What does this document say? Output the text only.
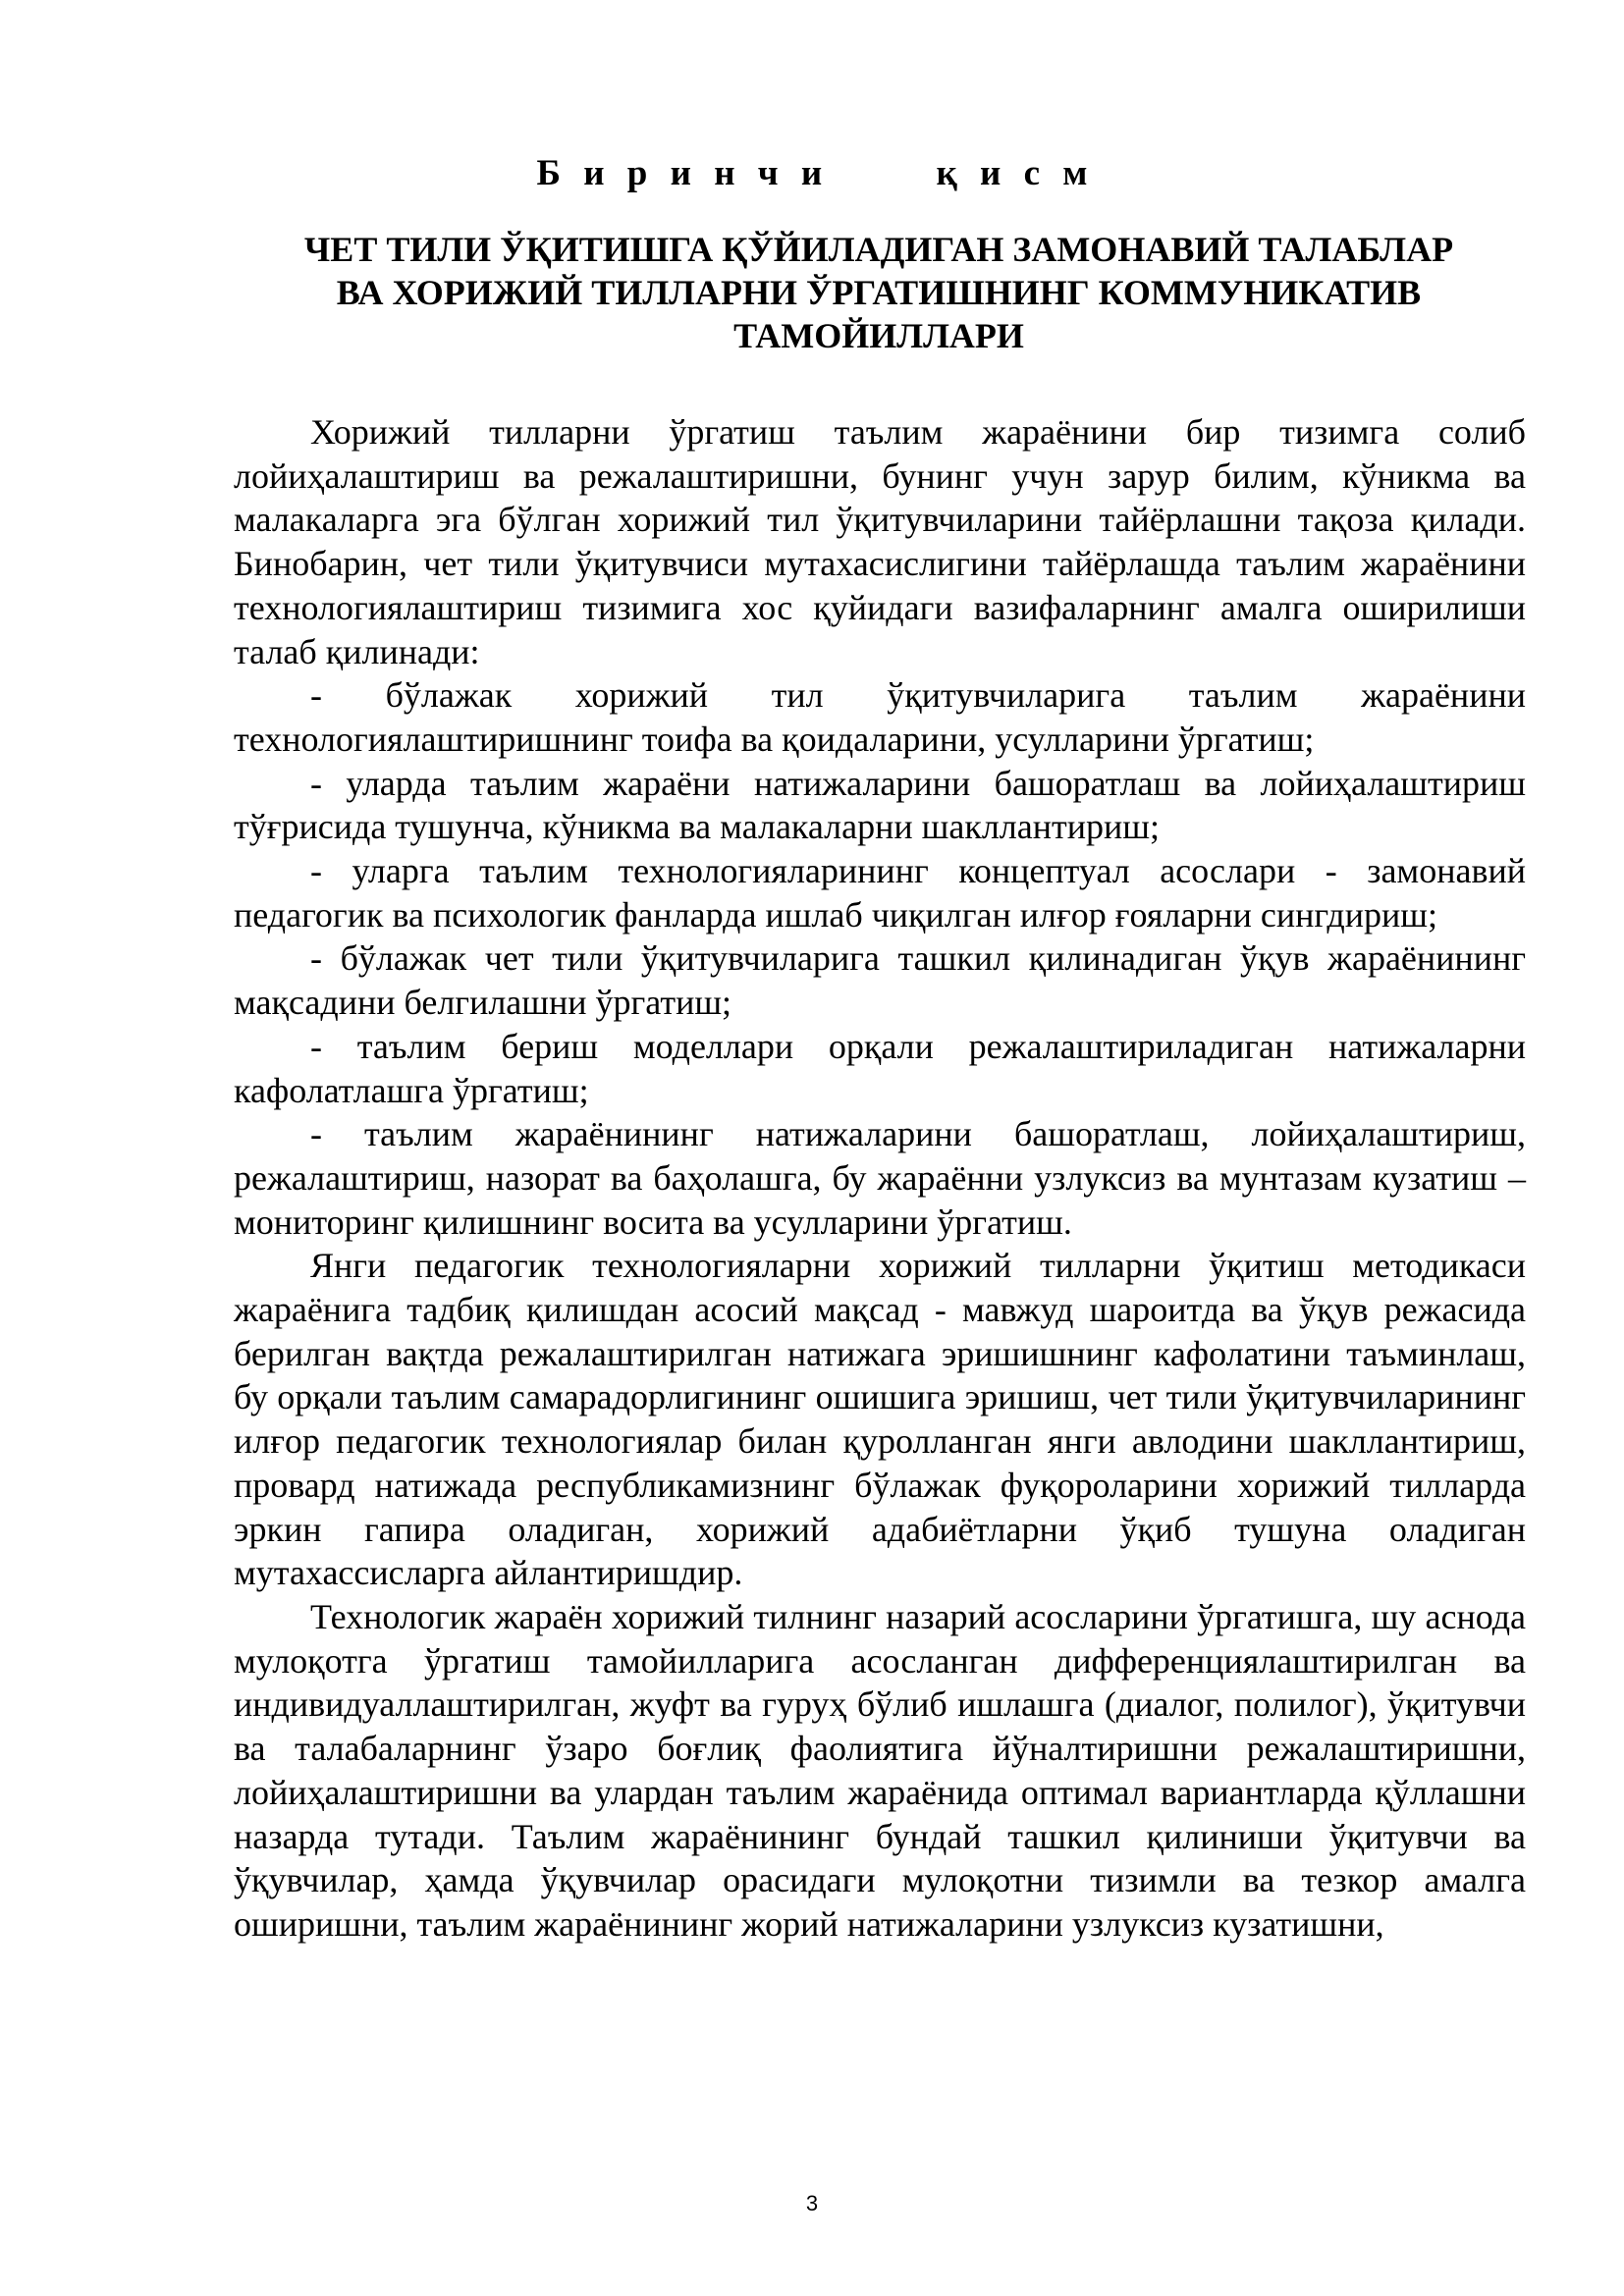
Б и р и н ч и     қ и с м
ЧЕТ ТИЛИ ЎҚИТИШГА ҚЎЙИЛАДИГАН ЗАМОНАВИЙ ТАЛАБЛАР
ВА ХОРИЖИЙ ТИЛЛАРНИ ЎРГАТИШНИНГ КОММУНИКАТИВ
ТАМОЙИЛЛАРИ

Хорижий тилларни ўргатиш таълим жараёнини бир тизимга солиб лойиҳалаштириш ва режалаштиришни, бунинг учун зарур билим, кўникма ва малакаларга эга бўлган хорижий тил ўқитувчиларини тайёрлашни тақоза қилади. Бинобарин, чет тили ўқитувчиси мутахасислигини тайёрлашда таълим жараёнини технологиялаштириш тизимига хос қуйидаги вазифаларнинг амалга оширилиши талаб қилинади:

- бўлажак хорижий тил ўқитувчиларига таълим жараёнини технологиялаштиришнинг тоифа ва қоидаларини, усулларини ўргатиш;

- уларда таълим жараёни натижаларини башоратлаш ва лойиҳалаштириш тўғрисида тушунча, кўникма ва малакаларни шакллантириш;

- уларга таълим технологияларининг концептуал асослари - замонавий педагогик ва психологик фанларда ишлаб чиқилган илғор ғояларни сингдириш;

- бўлажак чет тили ўқитувчиларига ташкил қилинадиган ўқув жараёнининг мақсадини белгилашни ўргатиш;

- таълим бериш моделлари орқали режалаштириладиган натижаларни кафолатлашга ўргатиш;

- таълим жараёнининг натижаларини башоратлаш, лойиҳалаштириш, режалаштириш, назорат ва баҳолашга, бу жараённи узлуксиз ва мунтазам кузатиш – мониторинг қилишнинг восита ва усулларини ўргатиш.

Янги педагогик технологияларни хорижий тилларни ўқитиш методикаси жараёнига тадбиқ қилишдан асосий мақсад - мавжуд шароитда ва ўқув режасида берилган вақтда режалаштирилган натижага эришишнинг кафолатини таъминлаш, бу орқали таълим самарадорлигининг ошишига эришиш, чет тили ўқитувчиларининг илғор педагогик технологиялар билан қуролланган янги авлодини шакллантириш, провард натижада республикамизнинг бўлажак фуқороларини хорижий тилларда эркин гапира оладиган, хорижий адабиётларни ўқиб тушуна оладиган мутахассисларга айлантиришдир.

Технологик жараён хорижий тилнинг назарий асосларини ўргатишга, шу аснода мулоқотга ўргатиш тамойилларига асосланган дифференциялаштирилган ва индивидуаллаштирилган, жуфт ва гуруҳ бўлиб ишлашга (диалог, полилог), ўқитувчи ва талабаларнинг ўзаро боғлиқ фаолиятига йўналтиришни режалаштиришни, лойиҳалаштиришни ва улардан таълим жараёнида оптимал вариантларда қўллашни назарда тутади. Таълим жараёнининг бундай ташкил қилиниши ўқитувчи ва ўқувчилар, ҳамда ўқувчилар орасидаги мулоқотни тизимли ва тезкор амалга оширишни, таълим жараёнининг жорий натижаларини узлуксиз кузатишни,

3
